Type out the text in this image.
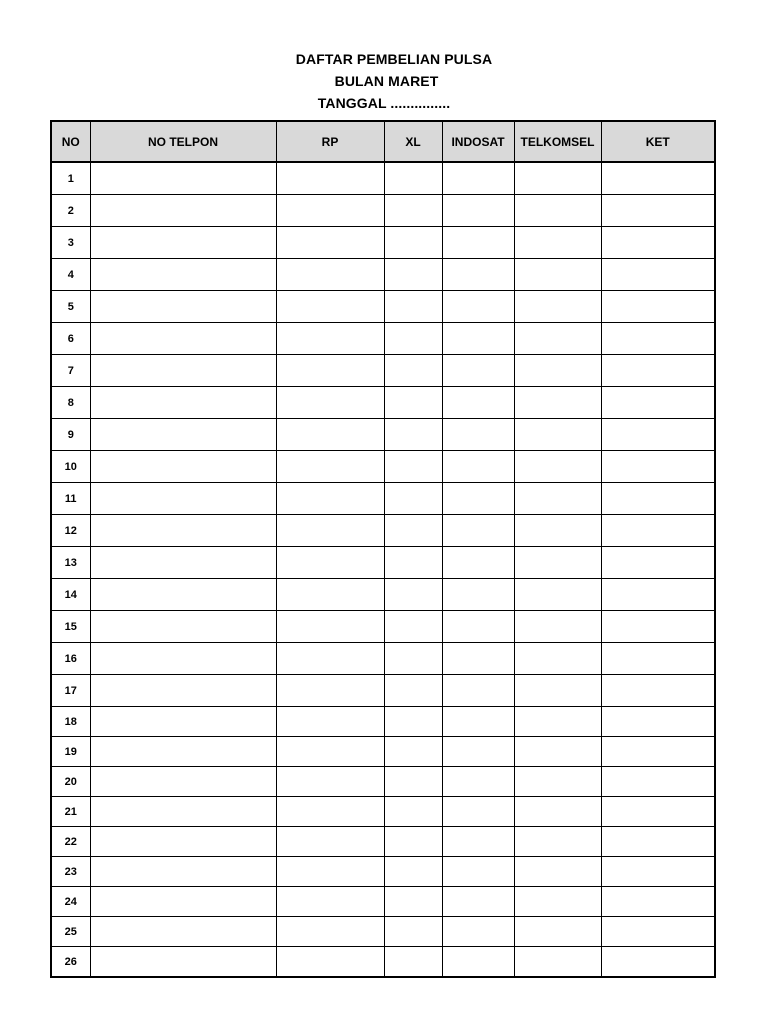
DAFTAR PEMBELIAN PULSA
BULAN MARET
TANGGAL ...............
NO	NO TELPON	RP	XL	INDOSAT	TELKOMSEL	KET
1						
2						
3						
4						
5						
6						
7						
8						
9						
10						
11						
12						
13						
14						
15						
16						
17						
18						
19						
20						
21						
22						
23						
24						
25						
26						
